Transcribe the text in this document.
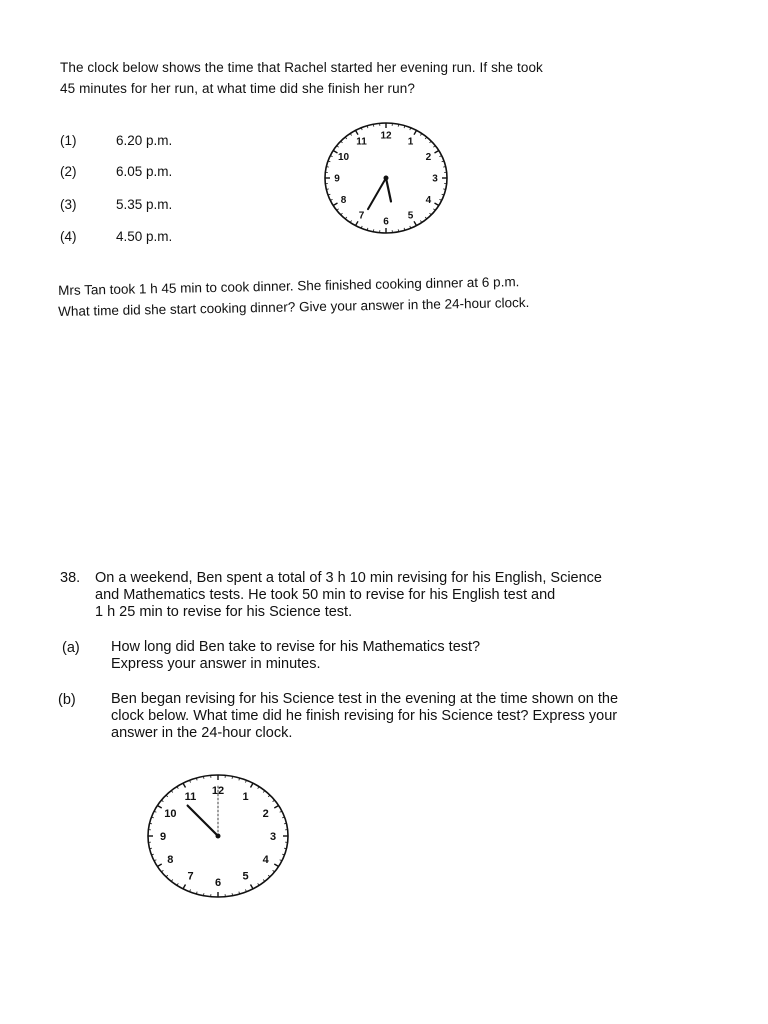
The clock below shows the time that Rachel started her evening run. If she took
45 minutes for her run, at what time did she finish her run?
(1)	6.20 p.m.
(2)	6.05 p.m.
(3)	5.35 p.m.
(4)	4.50 p.m.
12
1
2
3
4
5
6
7
8
9
10
11
Mrs Tan took 1 h 45 min to cook dinner. She finished cooking dinner at 6 p.m.
What time did she start cooking dinner? Give your answer in the 24-hour clock.
38. On a weekend, Ben spent a total of 3 h 10 min revising for his English, Science
and Mathematics tests. He took 50 min to revise for his English test and
1 h 25 min to revise for his Science test.
(a) How long did Ben take to revise for his Mathematics test?
Express your answer in minutes.
(b) Ben began revising for his Science test in the evening at the time shown on the
clock below. What time did he finish revising for his Science test? Express your
answer in the 24-hour clock.
12
1
2
3
4
5
6
7
8
9
10
11
